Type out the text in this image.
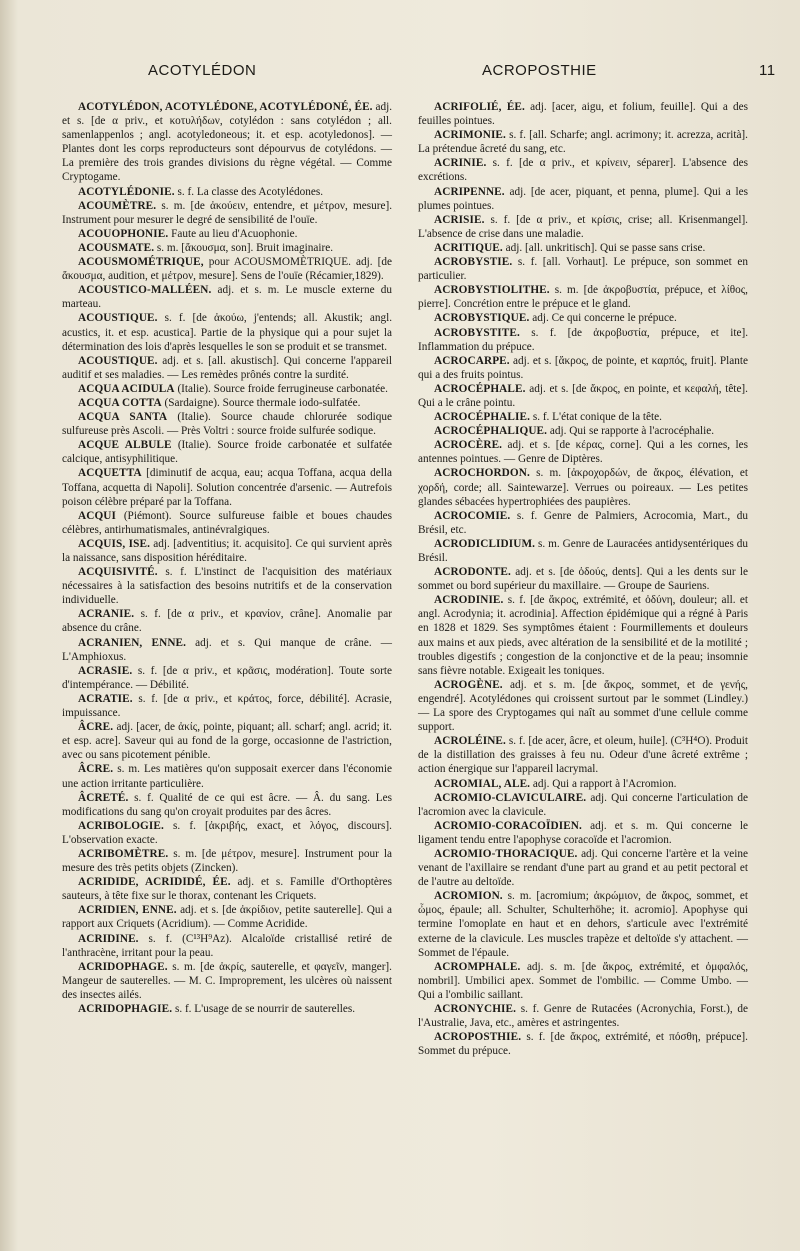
ACOTYLÉDON	ACROPOSTHIE	11

ACOTYLÉDON, ACOTYLÉDONE, ACOTYLÉDONÉ, ÉE. adj. et s. [de α priv., et κοτυλήδων, cotylédon : sans cotylédon ; all. samenlappenlos ; angl. acotyledoneous; it. et esp. acotyledonos]. — Plantes dont les corps reproducteurs sont dépourvus de cotylédons. — La première des trois grandes divisions du règne végétal. — Comme Cryptogame.

ACOTYLÉDONIE. s. f. La classe des Acotylédones.

ACOUMÈTRE. s. m. [de ἀκούειν, entendre, et μέτρον, mesure]. Instrument pour mesurer le degré de sensibilité de l'ouïe.

ACOUOPHONIE. Faute au lieu d'Acuophonie.

ACOUSMATE. s. m. [ἄκουσμα, son]. Bruit imaginaire.

ACOUSMOMÉTRIQUE, pour ACOUSMOMÈTRIQUE. adj. [de ἄκουσμα, audition, et μέτρον, mesure]. Sens de l'ouïe (Récamier,1829).

ACOUSTICO-MALLÉEN. adj. et s. m. Le muscle externe du marteau.

ACOUSTIQUE. s. f. [de ἀκούω, j'entends; all. Akustik; angl. acustics, it. et esp. acustica]. Partie de la physique qui a pour sujet la détermination des lois d'après lesquelles le son se produit et se transmet.

ACOUSTIQUE. adj. et s. [all. akustisch]. Qui concerne l'appareil auditif et ses maladies. — Les remèdes prônés contre la surdité.

ACQUA ACIDULA (Italie). Source froide ferrugineuse carbonatée.

ACQUA COTTA (Sardaigne). Source thermale iodo-sulfatée.

ACQUA SANTA (Italie). Source chaude chlorurée sodique sulfureuse près Ascoli. — Près Voltri : source froide sulfurée sodique.

ACQUE ALBULE (Italie). Source froide carbonatée et sulfatée calcique, antisyphilitique.

ACQUETTA [diminutif de acqua, eau; acqua Toffana, acqua della Toffana, acquetta di Napoli]. Solution concentrée d'arsenic. — Autrefois poison célèbre préparé par la Toffana.

ACQUI (Piémont). Source sulfureuse faible et boues chaudes célèbres, antirhumatismales, antinévralgiques.

ACQUIS, ISE. adj. [adventitius; it. acquisito]. Ce qui survient après la naissance, sans disposition héréditaire.

ACQUISIVITÉ. s. f. L'instinct de l'acquisition des matériaux nécessaires à la satisfaction des besoins nutritifs et de la conservation individuelle.

ACRANIE. s. f. [de α priv., et κρανίον, crâne]. Anomalie par absence du crâne.

ACRANIEN, ENNE. adj. et s. Qui manque de crâne. — L'Amphioxus.

ACRASIE. s. f. [de α priv., et κρᾶσις, modération]. Toute sorte d'intempérance. — Débilité.

ACRATIE. s. f. [de α priv., et κράτος, force, débilité]. Acrasie, impuissance.

ÂCRE. adj. [acer, de ἀκίς, pointe, piquant; all. scharf; angl. acrid; it. et esp. acre]. Saveur qui au fond de la gorge, occasionne de l'astriction, avec ou sans picotement pénible.

ÂCRE. s. m. Les matières qu'on supposait exercer dans l'économie une action irritante particulière.

ÂCRETÉ. s. f. Qualité de ce qui est âcre. — Â. du sang. Les modifications du sang qu'on croyait produites par des âcres.

ACRIBOLOGIE. s. f. [ἀκριβής, exact, et λόγος, discours]. L'observation exacte.

ACRIBOMÈTRE. s. m. [de μέτρον, mesure]. Instrument pour la mesure des très petits objets (Zincken).

ACRIDIDE, ACRIDIDÉ, ÉE. adj. et s. Famille d'Orthoptères sauteurs, à tête fixe sur le thorax, contenant les Criquets.

ACRIDIEN, ENNE. adj. et s. [de ἀκρίδιον, petite sauterelle]. Qui a rapport aux Criquets (Acridium). — Comme Acridide.

ACRIDINE. s. f. (C¹³H⁹Az). Alcaloïde cristallisé retiré de l'anthracène, irritant pour la peau.

ACRIDOPHAGE. s. m. [de ἀκρίς, sauterelle, et φαγεῖν, manger]. Mangeur de sauterelles. — M. C. Improprement, les ulcères où naissent des insectes ailés.

ACRIDOPHAGIE. s. f. L'usage de se nourrir de sauterelles.

ACRIFOLIÉ, ÉE. adj. [acer, aigu, et folium, feuille]. Qui a des feuilles pointues.

ACRIMONIE. s. f. [all. Scharfe; angl. acrimony; it. acrezza, acrità]. La prétendue âcreté du sang, etc.

ACRINIE. s. f. [de α priv., et κρίνειν, séparer]. L'absence des excrétions.

ACRIPENNE. adj. [de acer, piquant, et penna, plume]. Qui a les plumes pointues.

ACRISIE. s. f. [de α priv., et κρίσις, crise; all. Krisenmangel]. L'absence de crise dans une maladie.

ACRITIQUE. adj. [all. unkritisch]. Qui se passe sans crise.

ACROBYSTIE. s. f. [all. Vorhaut]. Le prépuce, son sommet en particulier.

ACROBYSTIOLITHE. s. m. [de ἀκροβυστία, prépuce, et λίθος, pierre]. Concrétion entre le prépuce et le gland.

ACROBYSTIQUE. adj. Ce qui concerne le prépuce.

ACROBYSTITE. s. f. [de ἀκροβυστία, prépuce, et ite]. Inflammation du prépuce.

ACROCARPE. adj. et s. [ἄκρος, de pointe, et καρπός, fruit]. Plante qui a des fruits pointus.

ACROCÉPHALE. adj. et s. [de ἄκρος, en pointe, et κεφαλή, tête]. Qui a le crâne pointu.

ACROCÉPHALIE. s. f. L'état conique de la tête.

ACROCÉPHALIQUE. adj. Qui se rapporte à l'acrocéphalie.

ACROCÈRE. adj. et s. [de κέρας, corne]. Qui a les cornes, les antennes pointues. — Genre de Diptères.

ACROCHORDON. s. m. [ἀκροχορδών, de ἄκρος, élévation, et χορδή, corde; all. Saintewarze]. Verrues ou poireaux. — Les petites glandes sébacées hypertrophiées des paupières.

ACROCOMIE. s. f. Genre de Palmiers, Acrocomia, Mart., du Brésil, etc.

ACRODICLIDIUM. s. m. Genre de Lauracées antidysentériques du Brésil.

ACRODONTE. adj. et s. [de ὀδούς, dents]. Qui a les dents sur le sommet ou bord supérieur du maxillaire. — Groupe de Sauriens.

ACRODINIE. s. f. [de ἄκρος, extrémité, et ὀδύνη, douleur; all. et angl. Acrodynia; it. acrodinia]. Affection épidémique qui a régné à Paris en 1828 et 1829. Ses symptômes étaient : Fourmillements et douleurs aux mains et aux pieds, avec altération de la sensibilité et de la motilité ; troubles digestifs ; congestion de la conjonctive et de la peau; insomnie sans fièvre notable. Exigeait les toniques.

ACROGÈNE. adj. et s. m. [de ἄκρος, sommet, et de γενής, engendré]. Acotylédones qui croissent surtout par le sommet (Lindley.) — La spore des Cryptogames qui naît au sommet d'une cellule comme support.

ACROLÉINE. s. f. [de acer, âcre, et oleum, huile]. (C³H⁴O). Produit de la distillation des graisses à feu nu. Odeur d'une âcreté extrême ; action énergique sur l'appareil lacrymal.

ACROMIAL, ALE. adj. Qui a rapport à l'Acromion.

ACROMIO-CLAVICULAIRE. adj. Qui concerne l'articulation de l'acromion avec la clavicule.

ACROMIO-CORACOÏDIEN. adj. et s. m. Qui concerne le ligament tendu entre l'apophyse coracoïde et l'acromion.

ACROMIO-THORACIQUE. adj. Qui concerne l'artère et la veine venant de l'axillaire se rendant d'une part au grand et au petit pectoral et de l'autre au deltoïde.

ACROMION. s. m. [acromium; ἀκρώμιον, de ἄκρος, sommet, et ὦμος, épaule; all. Schulter, Schulterhöhe; it. acromio]. Apophyse qui termine l'omoplate en haut et en dehors, s'articule avec l'extrémité externe de la clavicule. Les muscles trapèze et deltoïde s'y attachent. — Sommet de l'épaule.

ACROMPHALE. adj. s. m. [de ἄκρος, extrémité, et ὀμφαλός, nombril]. Umbilici apex. Sommet de l'ombilic. — Comme Umbo. — Qui a l'ombilic saillant.

ACRONYCHIE. s. f. Genre de Rutacées (Acronychia, Forst.), de l'Australie, Java, etc., amères et astringentes.

ACROPOSTHIE. s. f. [de ἄκρος, extrémité, et πόσθη, prépuce]. Sommet du prépuce.
